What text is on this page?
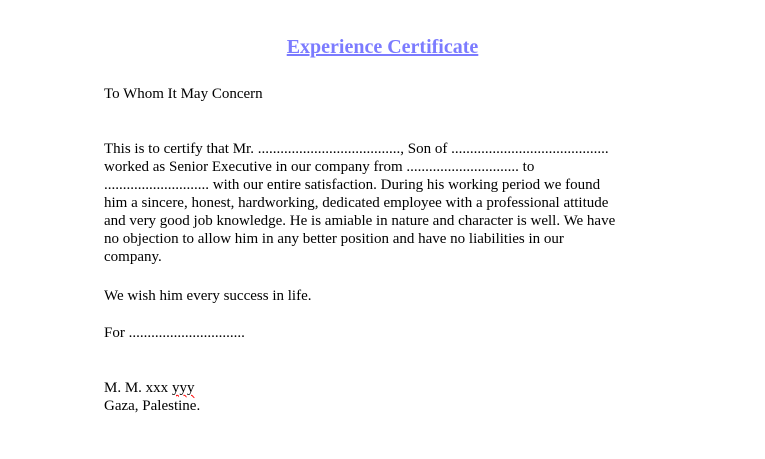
Experience Certificate
To Whom It May Concern
This is to certify that Mr. ......................................, Son of ..........................................
worked as Senior Executive in our company from .............................. to
............................ with our entire satisfaction. During his working period we found
him a sincere, honest, hardworking, dedicated employee with a professional attitude
and very good job knowledge. He is amiable in nature and character is well. We have
no objection to allow him in any better position and have no liabilities in our
company.
We wish him every success in life.
For ...............................
M. M. xxx yyy
Gaza, Palestine.
